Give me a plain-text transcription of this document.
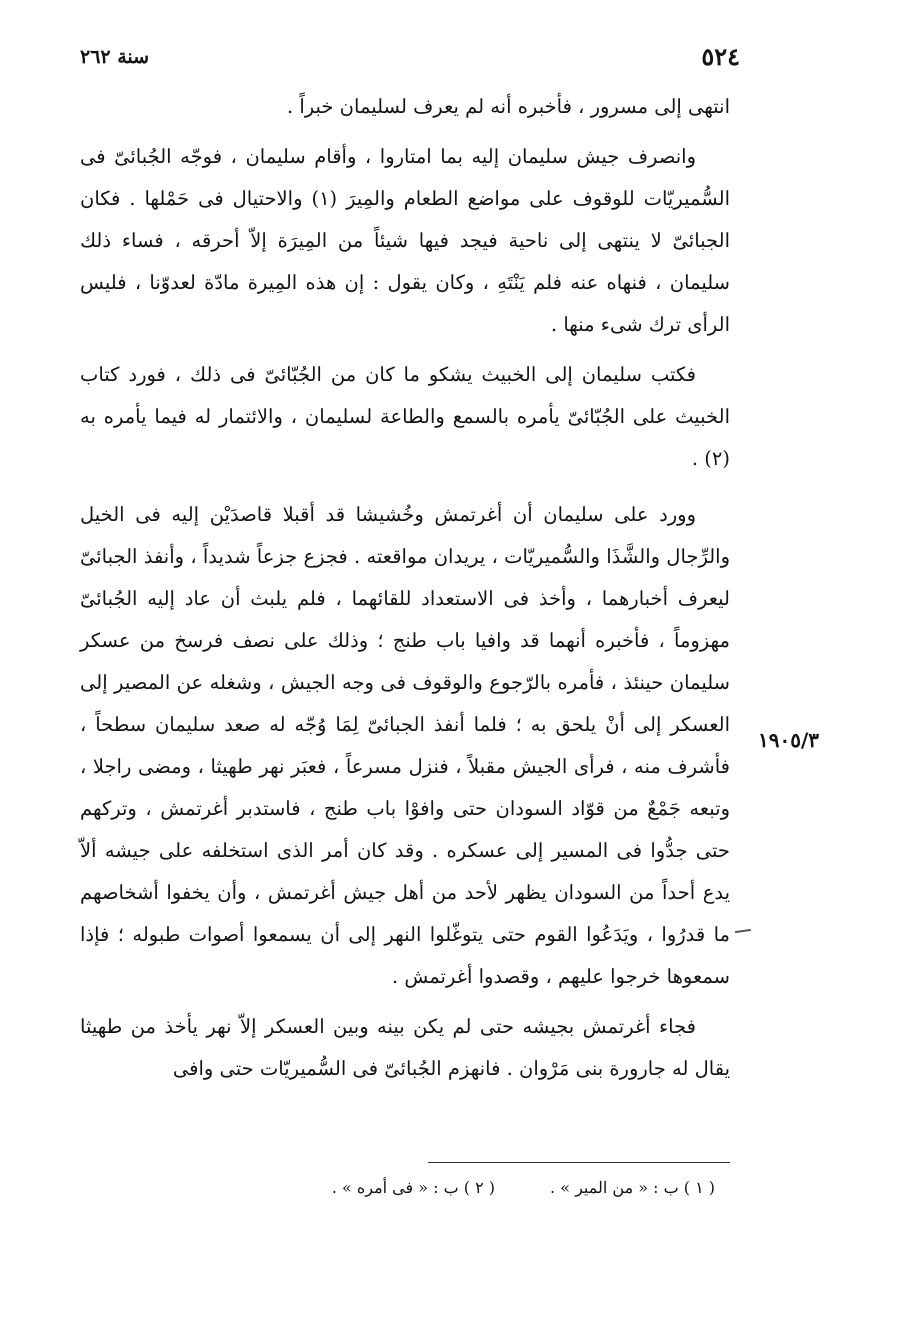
٥٢٤
سنة ٢٦٢

انتهى إلى مسرور ، فأخبره أنه لم يعرف لسليمان خبراً .

وانصرف جيش سليمان إليه بما امتاروا ، وأقام سليمان ، فوجّه الجُبائىّ فى السُّميريّات للوقوف على مواضع الطعام والمِيرَ (١) والاحتيال فى حَمْلها . فكان الجبائىّ لا ينتهى إلى ناحية فيجد فيها شيئاً من المِيرَة إلاّ أحرقه ، فساء ذلك سليمان ، فنهاه عنه فلم يَنْتَهِ ، وكان يقول : إن هذه المِيرة مادّة لعدوّنا ، فليس الرأى ترك شىء منها .

فكتب سليمان إلى الخبيث يشكو ما كان من الجُبّائىّ فى ذلك ، فورد كتاب الخبيث على الجُبّائىّ يأمره بالسمع والطاعة لسليمان ، والائتمار له فيما يأمره به (٢) .

وورد على سليمان أن أغرتمش وخُشيشا قد أقبلا قاصدَيْن إليه فى الخيل والرِّجال والشَّذَا والسُّميريّات ، يريدان مواقعته . فجزع جزعاً شديداً ، وأنفذ الجبائىّ ليعرف أخبارهما ، وأخذ فى الاستعداد للقائهما ، فلم يلبث أن عاد إليه الجُبائىّ مهزوماً ، فأخبره أنهما قد وافيا باب طنج ؛ وذلك على نصف فرسخ من عسكر سليمان حينئذ ، فأمره بالرّجوع والوقوف فى وجه الجيش ، وشغله عن المصير إلى العسكر إلى أنْ يلحق به ؛ فلما أنفذ الجبائىّ لِمَا وُجّه له صعد سليمان سطحاً ، فأشرف منه ، فرأى الجيش مقبلاً ، فنزل مسرعاً ، فعبَر نهر طهيثا ، ومضى راجلا ، وتبعه جَمْعٌ من قوّاد السودان حتى وافوْا باب طنج ، فاستدبر أغرتمش ، وتركهم حتى جدُّوا فى المسير إلى عسكره . وقد كان أمر الذى استخلفه على جيشه ألاّ يدع أحداً من السودان يظهر لأحد من أهل جيش أغرتمش ، وأن يخفوا أشخاصهم ما قدرُوا ، ويَدَعُوا القوم حتى يتوغّلوا النهر إلى أن يسمعوا أصوات طبوله ؛ فإذا سمعوها خرجوا عليهم ، وقصدوا أغرتمش .

فجاء أغرتمش بجيشه حتى لم يكن بينه وبين العسكر إلاّ نهر يأخذ من طهيثا يقال له جارورة بنى مَرْوان . فانهزم الجُبائىّ فى السُّميريّات حتى وافى

١٩٠٥/٣
( ١ ) ب : « من المير » .
( ٢ ) ب : « فى أمره » .
